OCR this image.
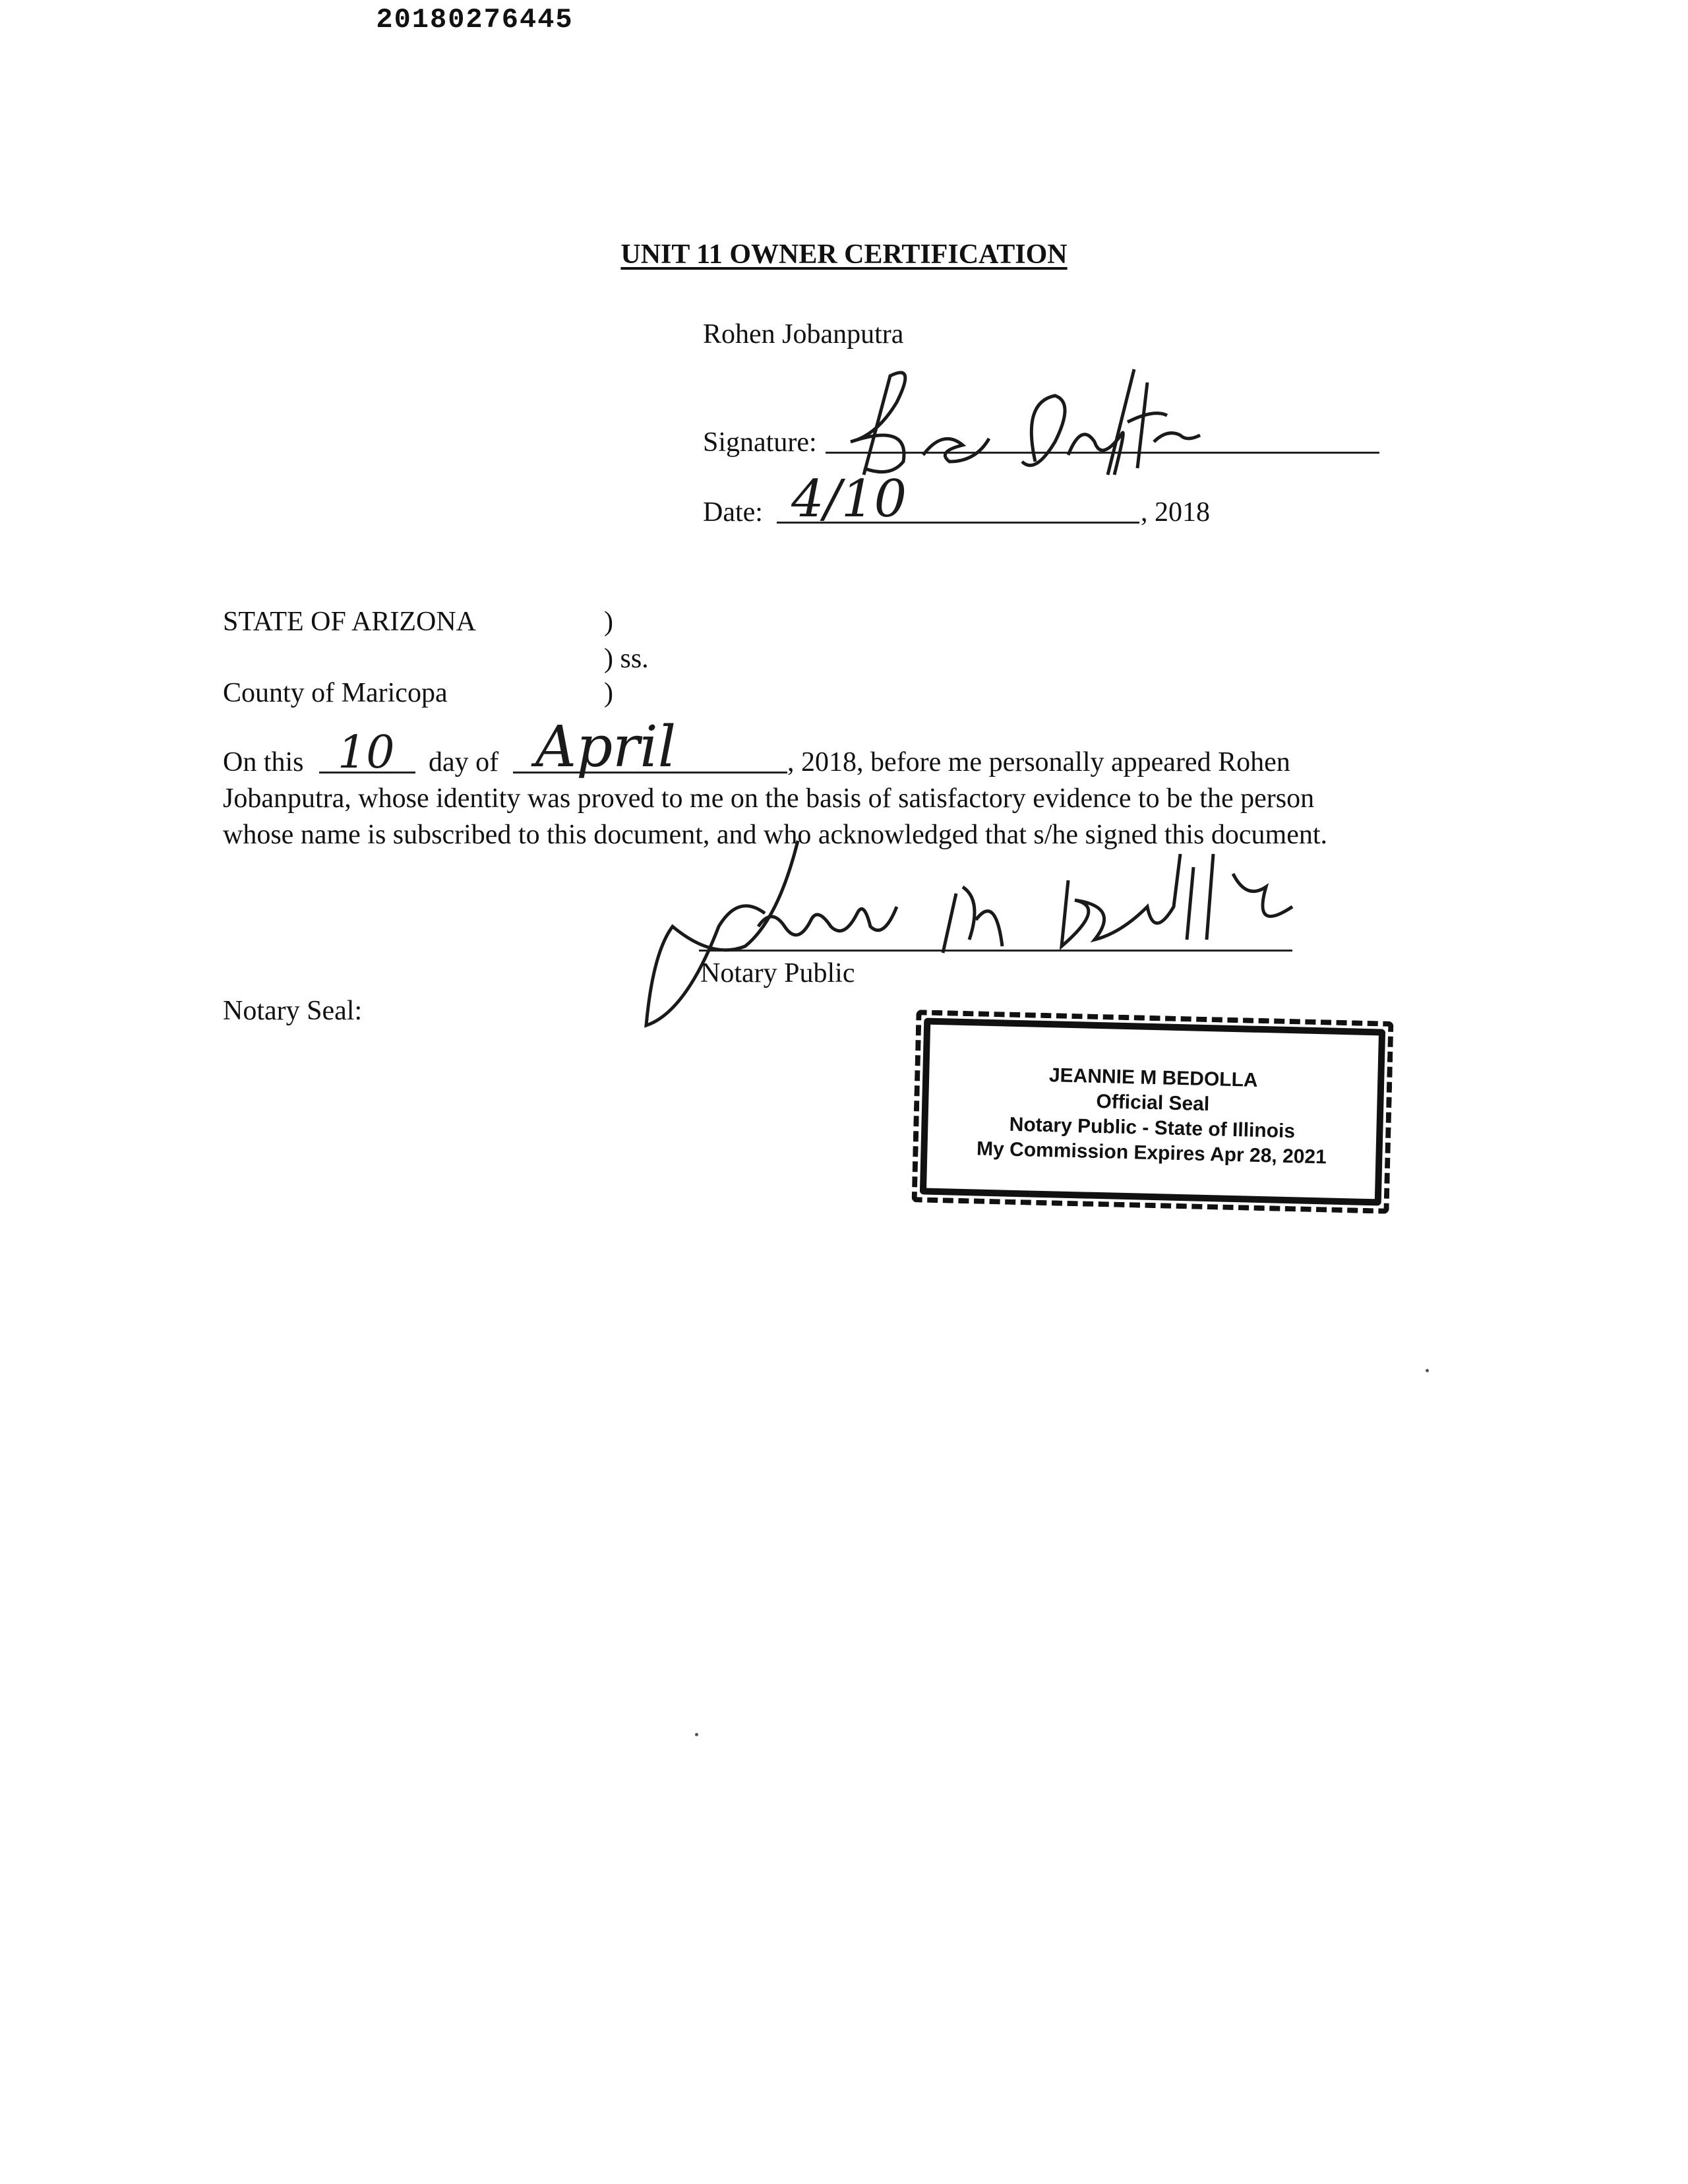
20180276445
UNIT 11 OWNER CERTIFICATION
Rohen Jobanputra
Signature:
Date: 4/10	, 2018
STATE OF ARIZONA	)
) ss.
County of Maricopa	)
On this 10 day of April	, 2018, before me personally appeared Rohen
Jobanputra, whose identity was proved to me on the basis of satisfactory evidence to be the person
whose name is subscribed to this document, and who acknowledged that s/he signed this document.
Notary Public
Notary Seal:
JEANNIE M BEDOLLA
Official Seal
Notary Public - State of Illinois
My Commission Expires Apr 28, 2021
